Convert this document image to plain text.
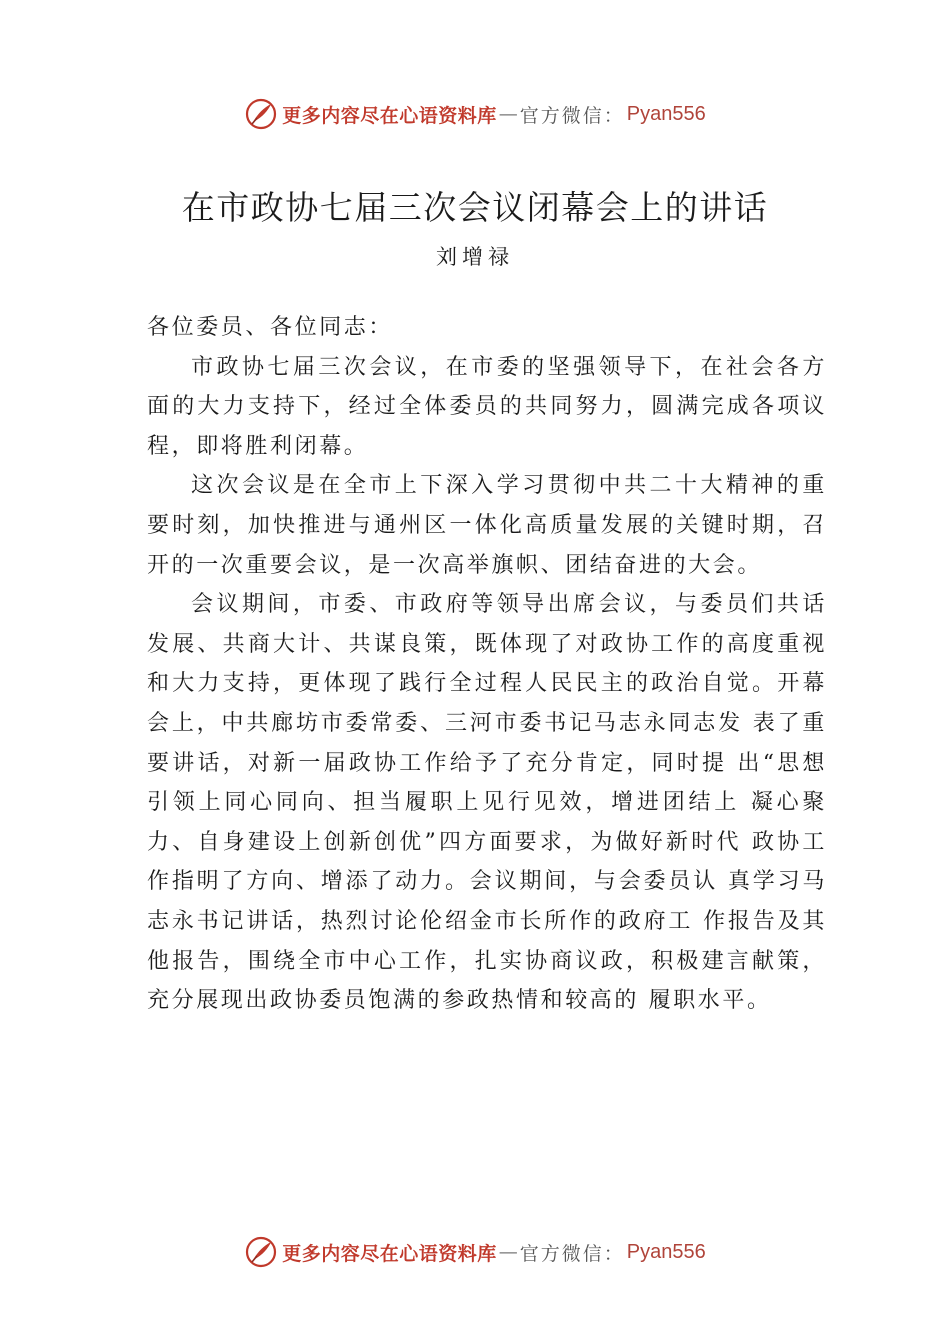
更多内容尽在心语资料库 — 官方微信： Pyan556
在市政协七届三次会议闭幕会上的讲话
刘增禄

各位委员、各位同志：

市政协七届三次会议，在市委的坚强领导下，在社会各方面的大力支持下，经过全体委员的共同努力，圆满完成各项议程，即将胜利闭幕。

这次会议是在全市上下深入学习贯彻中共二十大精神的重要时刻，加快推进与通州区一体化高质量发展的关键时期，召开的一次重要会议，是一次高举旗帜、团结奋进的大会。

会议期间，市委、市政府等领导出席会议，与委员们共话发展、共商大计、共谋良策，既体现了对政协工作的高度重视和大力支持，更体现了践行全过程人民民主的政治自觉。开幕会上，中共廊坊市委常委、三河市委书记马志永同志发 表了重要讲话，对新一届政协工作给予了充分肯定，同时提 出“思想引领上同心同向、担当履职上见行见效，增进团结上 凝心聚力、自身建设上创新创优”四方面要求，为做好新时代 政协工作指明了方向、增添了动力。会议期间，与会委员认 真学习马志永书记讲话，热烈讨论伦绍金市长所作的政府工 作报告及其他报告，围绕全市中心工作，扎实协商议政，积极建言献策，充分展现出政协委员饱满的参政热情和较高的 履职水平。

更多内容尽在心语资料库 — 官方微信： Pyan556
